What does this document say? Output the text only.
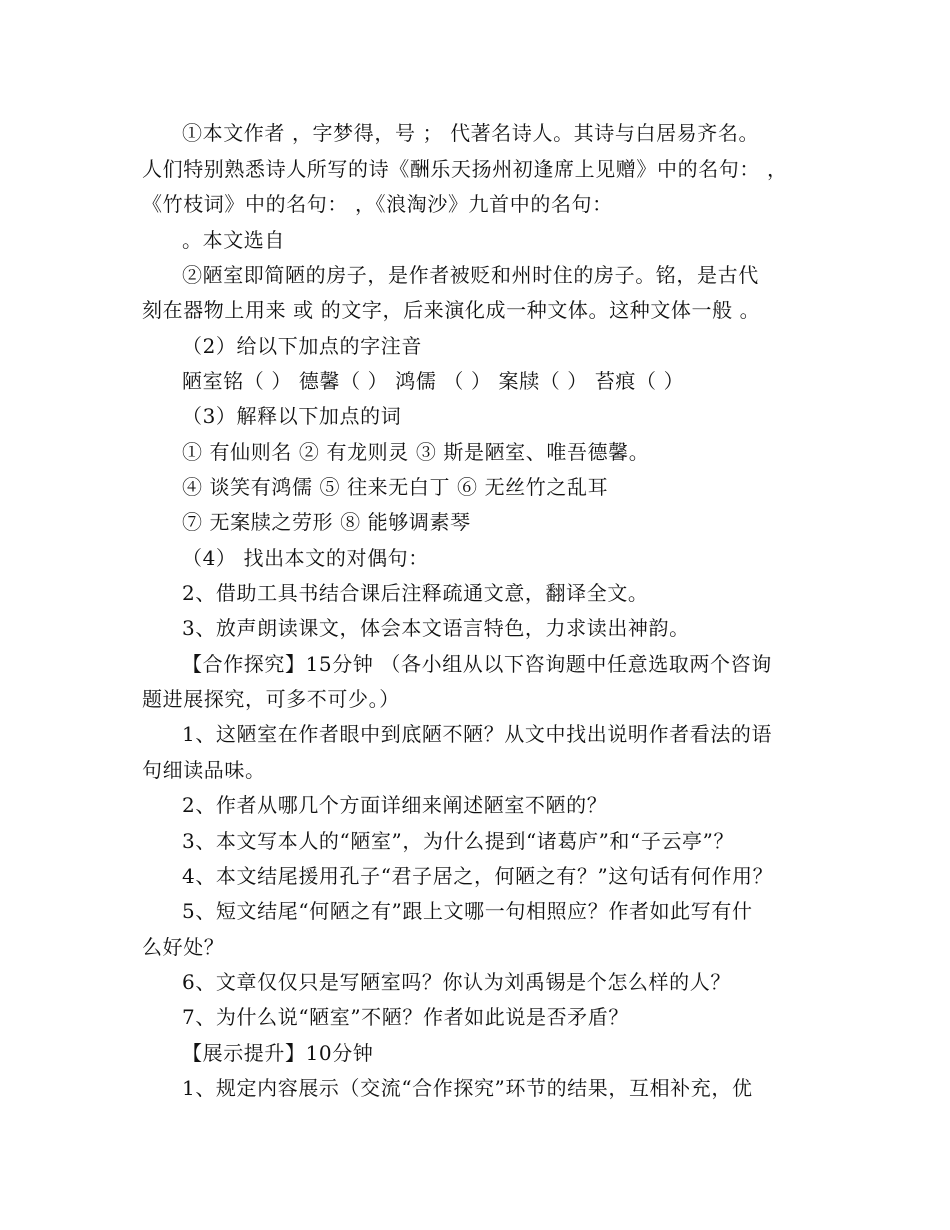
①本文作者 ，字梦得，号 ； 代著名诗人。其诗与白居易齐名。
人们特别熟悉诗人所写的诗《酬乐天扬州初逢席上见赠》中的名句： ，
《竹枝词》中的名句： ，《浪淘沙》九首中的名句：
。本文选自
②陋室即简陋的房子，是作者被贬和州时住的房子。铭，是古代
刻在器物上用来 或 的文字，后来演化成一种文体。这种文体一般 。
（2）给以下加点的字注音
陋室铭（ ） 德馨（ ） 鸿儒 （ ） 案牍（ ） 苔痕（ ）
（3）解释以下加点的词
① 有仙则名 ② 有龙则灵 ③ 斯是陋室、唯吾德馨。
④ 谈笑有鸿儒 ⑤ 往来无白丁 ⑥ 无丝竹之乱耳
⑦ 无案牍之劳形 ⑧ 能够调素琴
（4） 找出本文的对偶句：
2、借助工具书结合课后注释疏通文意，翻译全文。
3、放声朗读课文，体会本文语言特色，力求读出神韵。
【合作探究】15分钟 （各小组从以下咨询题中任意选取两个咨询
题进展探究，可多不可少。）
1、这陋室在作者眼中到底陋不陋？从文中找出说明作者看法的语
句细读品味。
2、作者从哪几个方面详细来阐述陋室不陋的？
3、本文写本人的“陋室”，为什么提到“诸葛庐”和“子云亭”？
4、本文结尾援用孔子“君子居之，何陋之有？”这句话有何作用？
5、短文结尾“何陋之有”跟上文哪一句相照应？作者如此写有什
么好处？
6、文章仅仅只是写陋室吗？你认为刘禹锡是个怎么样的人？
7、为什么说“陋室”不陋？作者如此说是否矛盾？
【展示提升】10分钟
1、规定内容展示（交流“合作探究”环节的结果，互相补充，优
